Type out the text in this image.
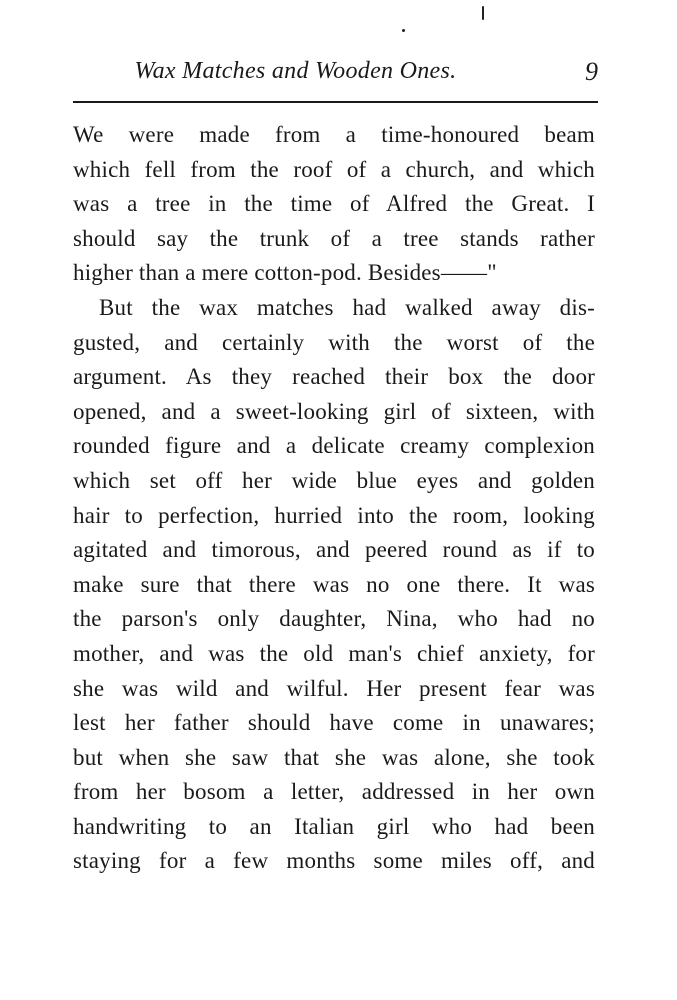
Wax Matches and Wooden Ones.	9
We were made from a time-honoured beam
which fell from the roof of a church, and which
was a tree in the time of Alfred the Great. I
should say the trunk of a tree stands rather
higher than a mere cotton-pod. Besides——"
But the wax matches had walked away dis-
gusted, and certainly with the worst of the
argument. As they reached their box the door
opened, and a sweet-looking girl of sixteen, with
rounded figure and a delicate creamy complexion
which set off her wide blue eyes and golden
hair to perfection, hurried into the room, looking
agitated and timorous, and peered round as if to
make sure that there was no one there. It was
the parson's only daughter, Nina, who had no
mother, and was the old man's chief anxiety, for
she was wild and wilful. Her present fear was
lest her father should have come in unawares;
but when she saw that she was alone, she took
from her bosom a letter, addressed in her own
handwriting to an Italian girl who had been
staying for a few months some miles off, and
